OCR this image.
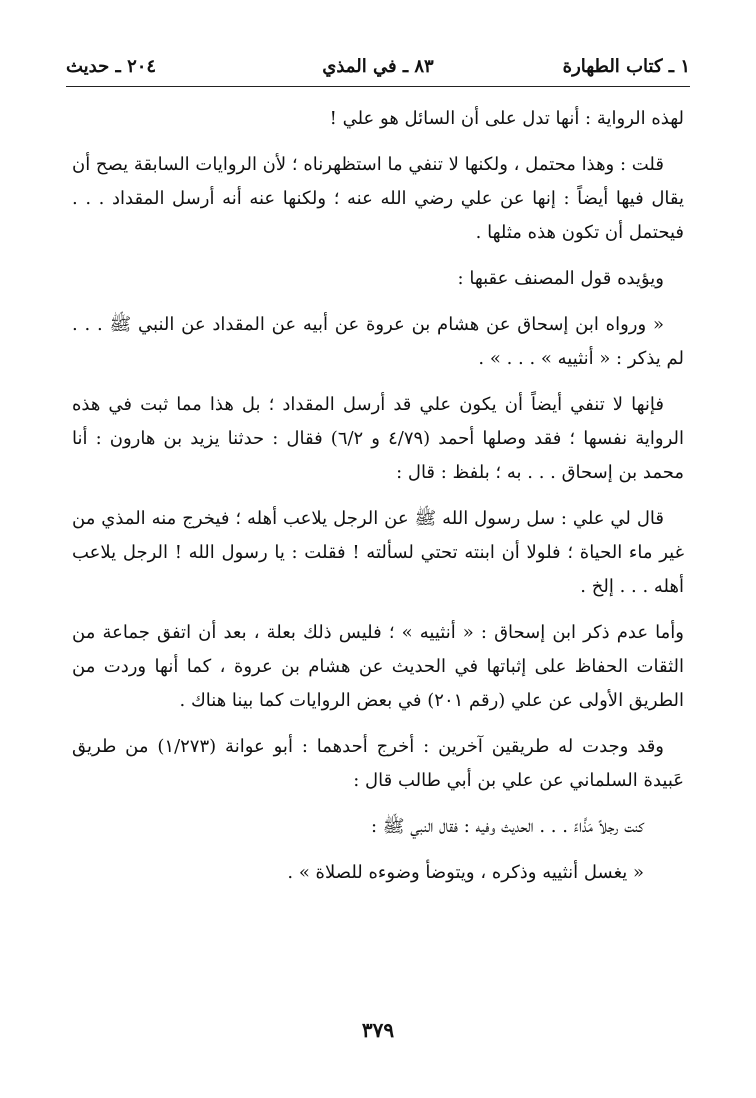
١ ـ كتاب الطهارة
٨٣ ـ في المذي
٢٠٤ ـ حديث

لهذه الرواية : أنها تدل على أن السائل هو علي !

قلت : وهذا محتمل ، ولكنها لا تنفي ما استظهرناه ؛ لأن الروايات السابقة يصح أن يقال فيها أيضاً : إنها عن علي رضي الله عنه ؛ ولكنها عنه أنه أرسل المقداد . . . فيحتمل أن تكون هذه مثلها .

ويؤيده قول المصنف عقبها :

« ورواه ابن إسحاق عن هشام بن عروة عن أبيه عن المقداد عن النبي ﷺ . . . لم يذكر : « أنثييه » . . . » .

فإنها لا تنفي أيضاً أن يكون علي قد أرسل المقداد ؛ بل هذا مما ثبت في هذه الرواية نفسها ؛ فقد وصلها أحمد (٤/٧٩ و ٦/٢) فقال : حدثنا يزيد بن هارون : أنا محمد بن إسحاق . . . به ؛ بلفظ : قال :

قال لي علي : سل رسول الله ﷺ عن الرجل يلاعب أهله ؛ فيخرج منه المذي من غير ماء الحياة ؛ فلولا أن ابنته تحتي لسألته ! فقلت : يا رسول الله ! الرجل يلاعب أهله . . . إلخ .

وأما عدم ذكر ابن إسحاق : « أنثييه » ؛ فليس ذلك بعلة ، بعد أن اتفق جماعة من الثقات الحفاظ على إثباتها في الحديث عن هشام بن عروة ، كما أنها وردت من الطريق الأولى عن علي (رقم ٢٠١) في بعض الروايات كما بينا هناك .

وقد وجدت له طريقين آخرين : أخرج أحدهما : أبو عوانة (١/٢٧٣) من طريق عَبيدة السلماني عن علي بن أبي طالب قال :

كنت رجلاً مَذَّاءً . . . الحديث وفيه : فقال النبي ﷺ :

« يغسل أنثييه وذكره ، ويتوضأ وضوءه للصلاة » .

٣٧٩
